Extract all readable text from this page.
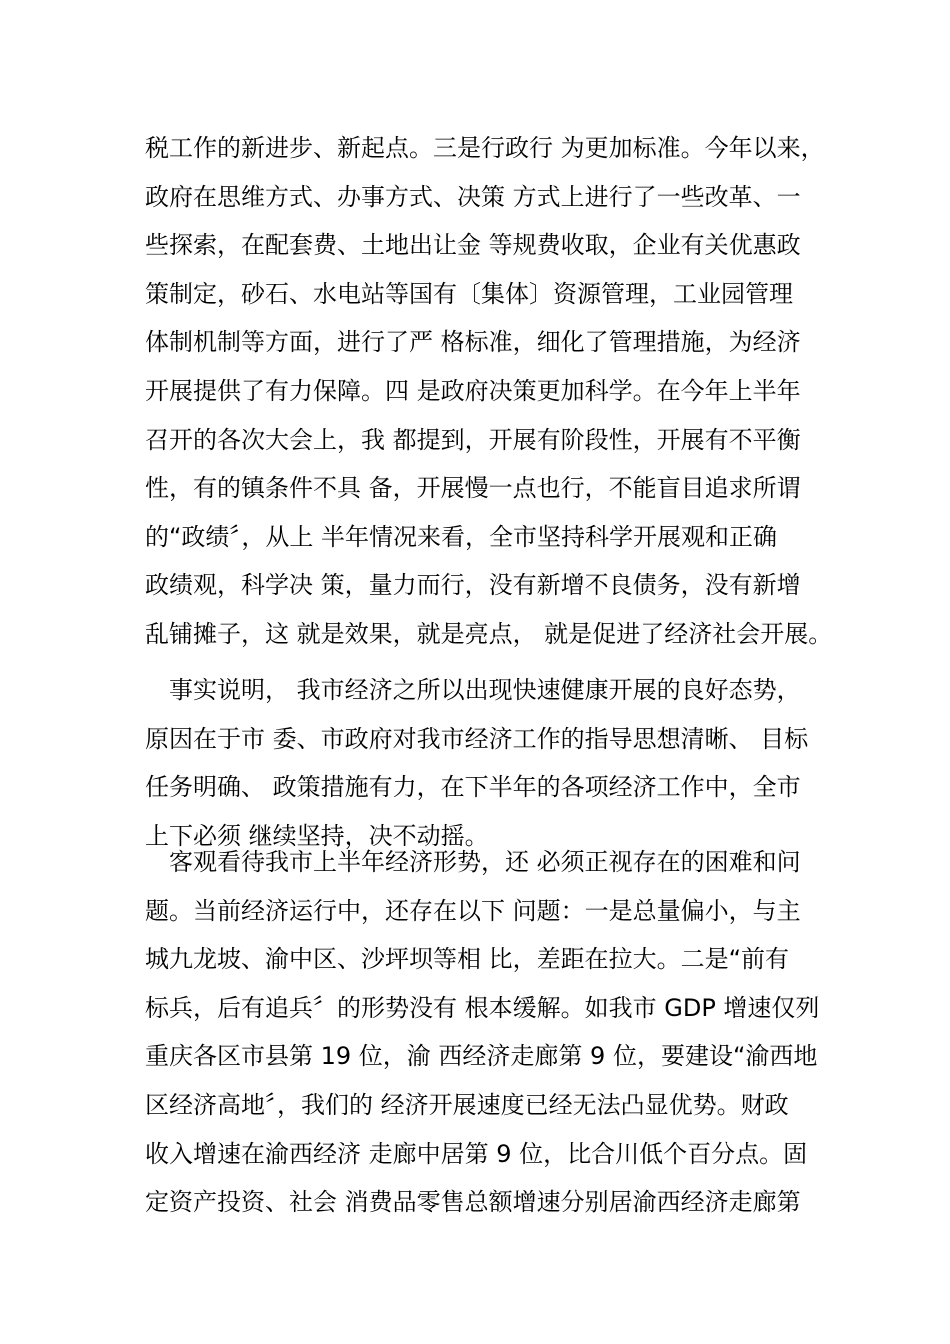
税工作的新进步、新起点。三是行政行 为更加标准。今年以来，
政府在思维方式、办事方式、决策 方式上进行了一些改革、一
些探索，在配套费、土地出让金 等规费收取，企业有关优惠政
策制定，砂石、水电站等国有〔集体〕资源管理，工业园管理
体制机制等方面，进行了严 格标准，细化了管理措施，为经济
开展提供了有力保障。四 是政府决策更加科学。在今年上半年
召开的各次大会上，我 都提到，开展有阶段性，开展有不平衡
性，有的镇条件不具 备，开展慢一点也行，不能盲目追求所谓
的“政绩〞，从上 半年情况来看，全市坚持科学开展观和正确
政绩观，科学决 策，量力而行，没有新增不良债务，没有新增
乱铺摊子，这 就是效果，就是亮点， 就是促进了经济社会开展。
事实说明， 我市经济之所以出现快速健康开展的良好态势，
原因在于市 委、市政府对我市经济工作的指导思想清晰、 目标
任务明确、 政策措施有力，在下半年的各项经济工作中，全市
上下必须 继续坚持，决不动摇。
客观看待我市上半年经济形势，还 必须正视存在的困难和问
题。当前经济运行中，还存在以下 问题：一是总量偏小，与主
城九龙坡、渝中区、沙坪坝等相 比，差距在拉大。二是“前有
标兵，后有追兵〞的形势没有 根本缓解。如我市 GDP 增速仅列
重庆各区市县第 19 位，渝 西经济走廊第 9 位，要建设“渝西地
区经济高地〞，我们的 经济开展速度已经无法凸显优势。财政
收入增速在渝西经济 走廊中居第 9 位，比合川低个百分点。固
定资产投资、社会 消费品零售总额增速分别居渝西经济走廊第
